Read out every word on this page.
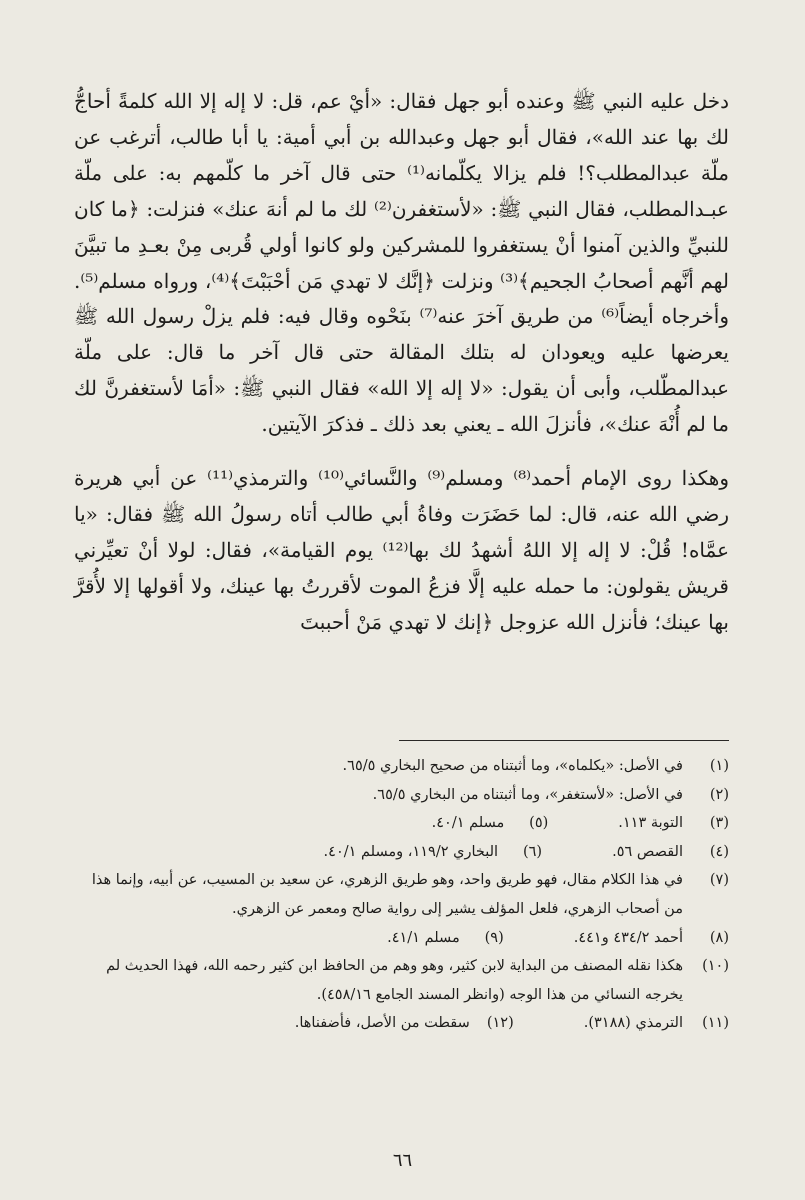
دخل عليه النبي ﷺ وعنده أبو جهل فقال: «أيْ عم، قل: لا إله إلا الله كلمةً أحاجُّ لك بها عند الله»، فقال أبو جهل وعبدالله بن أبي أمية: يا أبا طالب، أترغب عن ملّة عبدالمطلب؟! فلم يزالا يكلّمانه⁽¹⁾ حتى قال آخر ما كلّمهم به: على ملّة عبـدالمطلب، فقال النبي ﷺ: «لأستغفرن⁽²⁾ لك ما لم أنهَ عنك» فنزلت: ﴿ما كان للنبيِّ والذين آمنوا أنْ يستغفروا للمشركين ولو كانوا أولي قُربى مِنْ بعـدِ ما تبيَّنَ لهم أنَّهم أصحابُ الجحيم﴾⁽³⁾ ونزلت ﴿إنَّك لا تهدي مَن أحْبَبْتَ﴾⁽⁴⁾، ورواه مسلم⁽⁵⁾. وأخرجاه أيضاً⁽⁶⁾ من طريق آخرَ عنه⁽⁷⁾ بنَحْوه وقال فيه: فلم يزلْ رسول الله ﷺ يعرضها عليه ويعودان له بتلك المقالة حتى قال آخر ما قال: على ملّة عبدالمطّلب، وأبى أن يقول: «لا إله إلا الله» فقال النبي ﷺ: «أمَا لأستغفرنَّ لك ما لم أُنْهَ عنك»، فأنزلَ الله ـ يعني بعد ذلك ـ فذكرَ الآيتين.

وهكذا روى الإمام أحمد⁽⁸⁾ ومسلم⁽⁹⁾ والنَّسائي⁽¹⁰⁾ والترمذي⁽¹¹⁾ عن أبي هريرة رضي الله عنه، قال: لما حَضَرَت وفاةُ أبي طالب أتاه رسولُ الله ﷺ فقال: «يا عمَّاه! قُلْ: لا إله إلا اللهُ أشهدُ لك بها⁽¹²⁾ يوم القيامة»، فقال: لولا أنْ تعيِّرني قريش يقولون: ما حمله عليه إلَّا فزعُ الموت لأقررتُ بها عينك، ولا أقولها إلا لأُقرَّ بها عينك؛ فأنزل الله عزوجل ﴿إنك لا تهدي مَنْ أحببتَ

(١)
في الأصل: «يكلماه»، وما أثبتناه من صحيح البخاري ٦٥/٥.
(٢)
في الأصل: «لأستغفر»، وما أثبتناه من البخاري ٦٥/٥.
(٣)
التوبة ١١٣.
(٥)
مسلم ٤٠/١.
(٤)
القصص ٥٦.
(٦)
البخاري ١١٩/٢، ومسلم ٤٠/١.
(٧)
في هذا الكلام مقال، فهو طريق واحد، وهو طريق الزهري، عن سعيد بن المسيب، عن أبيه، وإنما هذا من أصحاب الزهري، فلعل المؤلف يشير إلى رواية صالح ومعمر عن الزهري.
(٨)
أحمد ٤٣٤/٢ و٤٤١.
(٩)
مسلم ٤١/١.
(١٠)
هكذا نقله المصنف من البداية لابن كثير، وهو وهم من الحافظ ابن كثير رحمه الله، فهذا الحديث لم يخرجه النسائي من هذا الوجه (وانظر المسند الجامع ٤٥٨/١٦).
(١١)
الترمذي (٣١٨٨).
(١٢)
سقطت من الأصل، فأضفناها.
٦٦
